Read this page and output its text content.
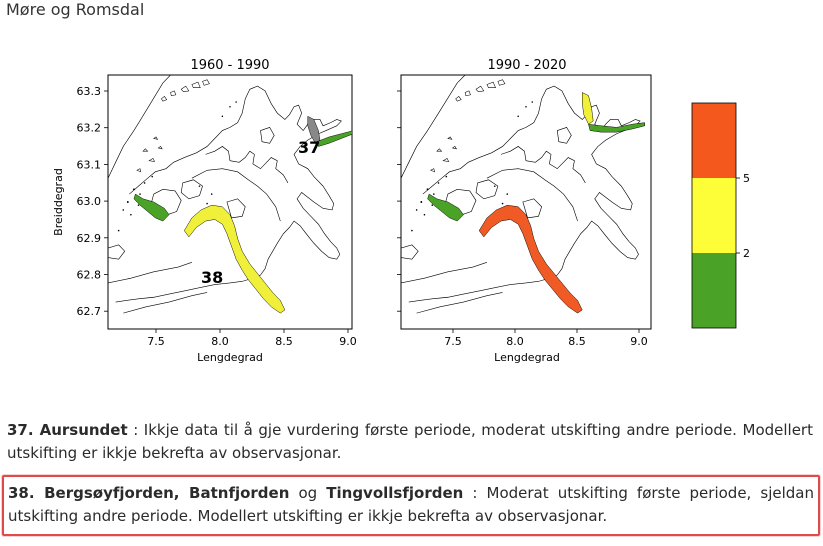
Møre og Romsdal
1960 - 1990
37
38
63.3
63.2
63.1
63.0
62.9
62.8
62.7
7.5	8.0	8.5	9.0
Breiddegrad
Lengdegrad
1990 - 2020
7.5	8.0	8.5	9.0
Lengdegrad
5
2
37. Aursundet : Ikkje data til å gje vurdering første periode, moderat utskifting andre periode. Modellert utskifting er ikkje bekrefta av observasjonar.
38. Bergsøyfjorden, Batnfjorden og Tingvollsfjorden : Moderat utskifting første periode, sjeldan utskifting andre periode. Modellert utskifting er ikkje bekrefta av observasjonar.
